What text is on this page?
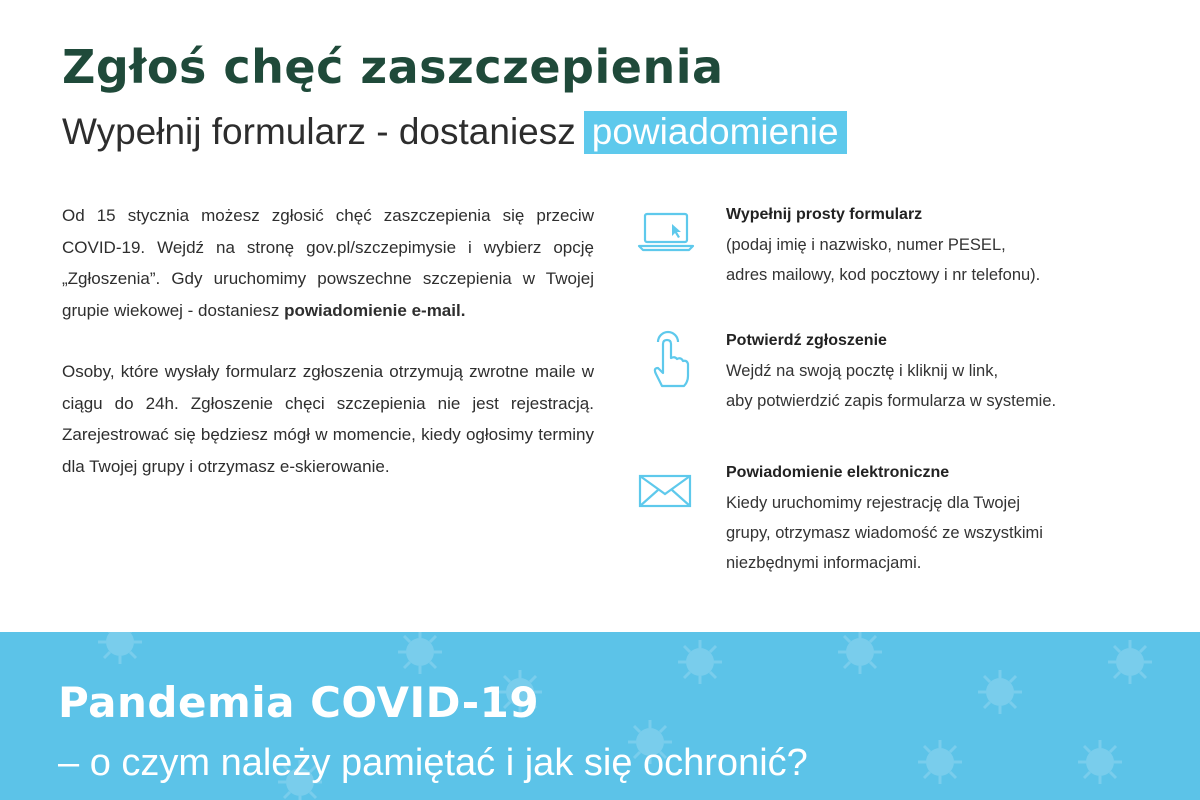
Zgłoś chęć zaszczepienia
Wypełnij formularz - dostaniesz powiadomienie

Od 15 stycznia możesz zgłosić chęć zaszczepienia się przeciw COVID-19. Wejdź na stronę gov.pl/szczepimysie i wybierz opcję „Zgłoszenia”. Gdy uruchomimy powszechne szczepienia w Twojej grupie wiekowej - dostaniesz powiadomienie e-mail.

Osoby, które wysłały formularz zgłoszenia otrzymują zwrotne maile w ciągu do 24h. Zgłoszenie chęci szczepienia nie jest rejestracją. Zarejestrować się będziesz mógł w momencie, kiedy ogłosimy terminy dla Twojej grupy i otrzymasz e-skierowanie.

Wypełnij prosty formularz
(podaj imię i nazwisko, numer PESEL,
adres mailowy, kod pocztowy i nr telefonu).
Potwierdź zgłoszenie
Wejdź na swoją pocztę i kliknij w link,
aby potwierdzić zapis formularza w systemie.
Powiadomienie elektroniczne
Kiedy uruchomimy rejestrację dla Twojej
grupy, otrzymasz wiadomość ze wszystkimi
niezbędnymi informacjami.
Pandemia COVID-19
– o czym należy pamiętać i jak się ochronić?
